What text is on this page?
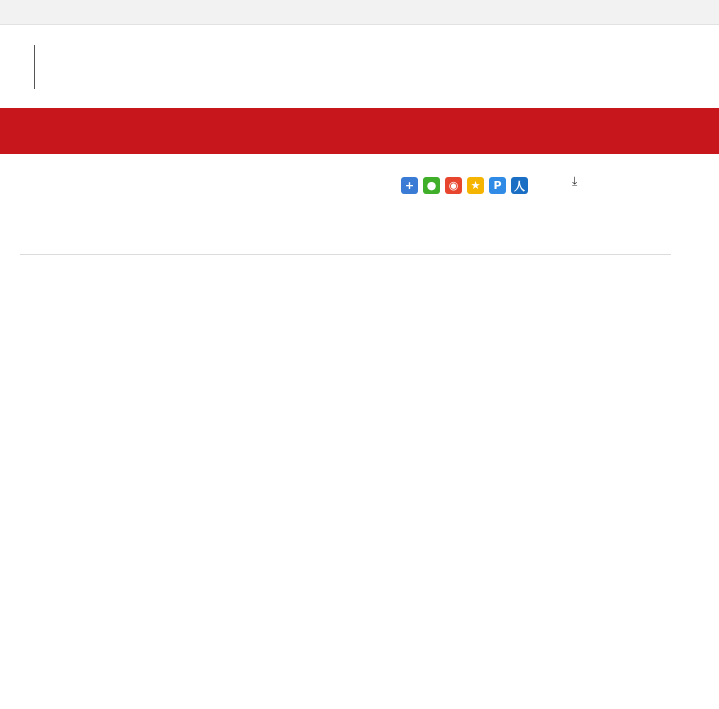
+	●	◉	★	P	人	⤓
